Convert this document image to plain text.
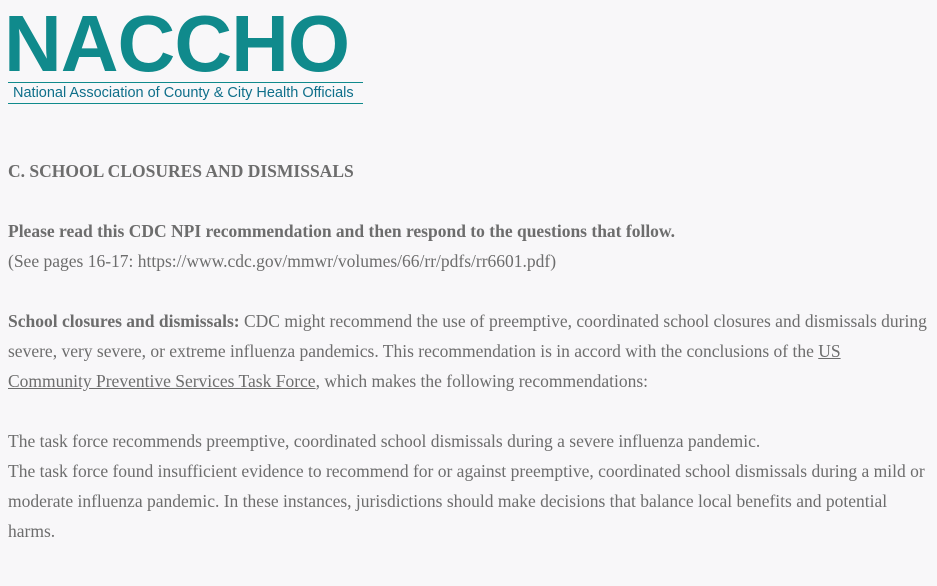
NACCHO
National Association of County & City Health Officials

C. SCHOOL CLOSURES AND DISMISSALS

Please read this CDC NPI recommendation and then respond to the questions that follow.
(See pages 16-17: https://www.cdc.gov/mmwr/volumes/66/rr/pdfs/rr6601.pdf)

School closures and dismissals: CDC might recommend the use of preemptive, coordinated school closures and dismissals during severe, very severe, or extreme influenza pandemics. This recommendation is in accord with the conclusions of the US Community Preventive Services Task Force, which makes the following recommendations:

The task force recommends preemptive, coordinated school dismissals during a severe influenza pandemic.
The task force found insufficient evidence to recommend for or against preemptive, coordinated school dismissals during a mild or moderate influenza pandemic. In these instances, jurisdictions should make decisions that balance local benefits and potential harms.
